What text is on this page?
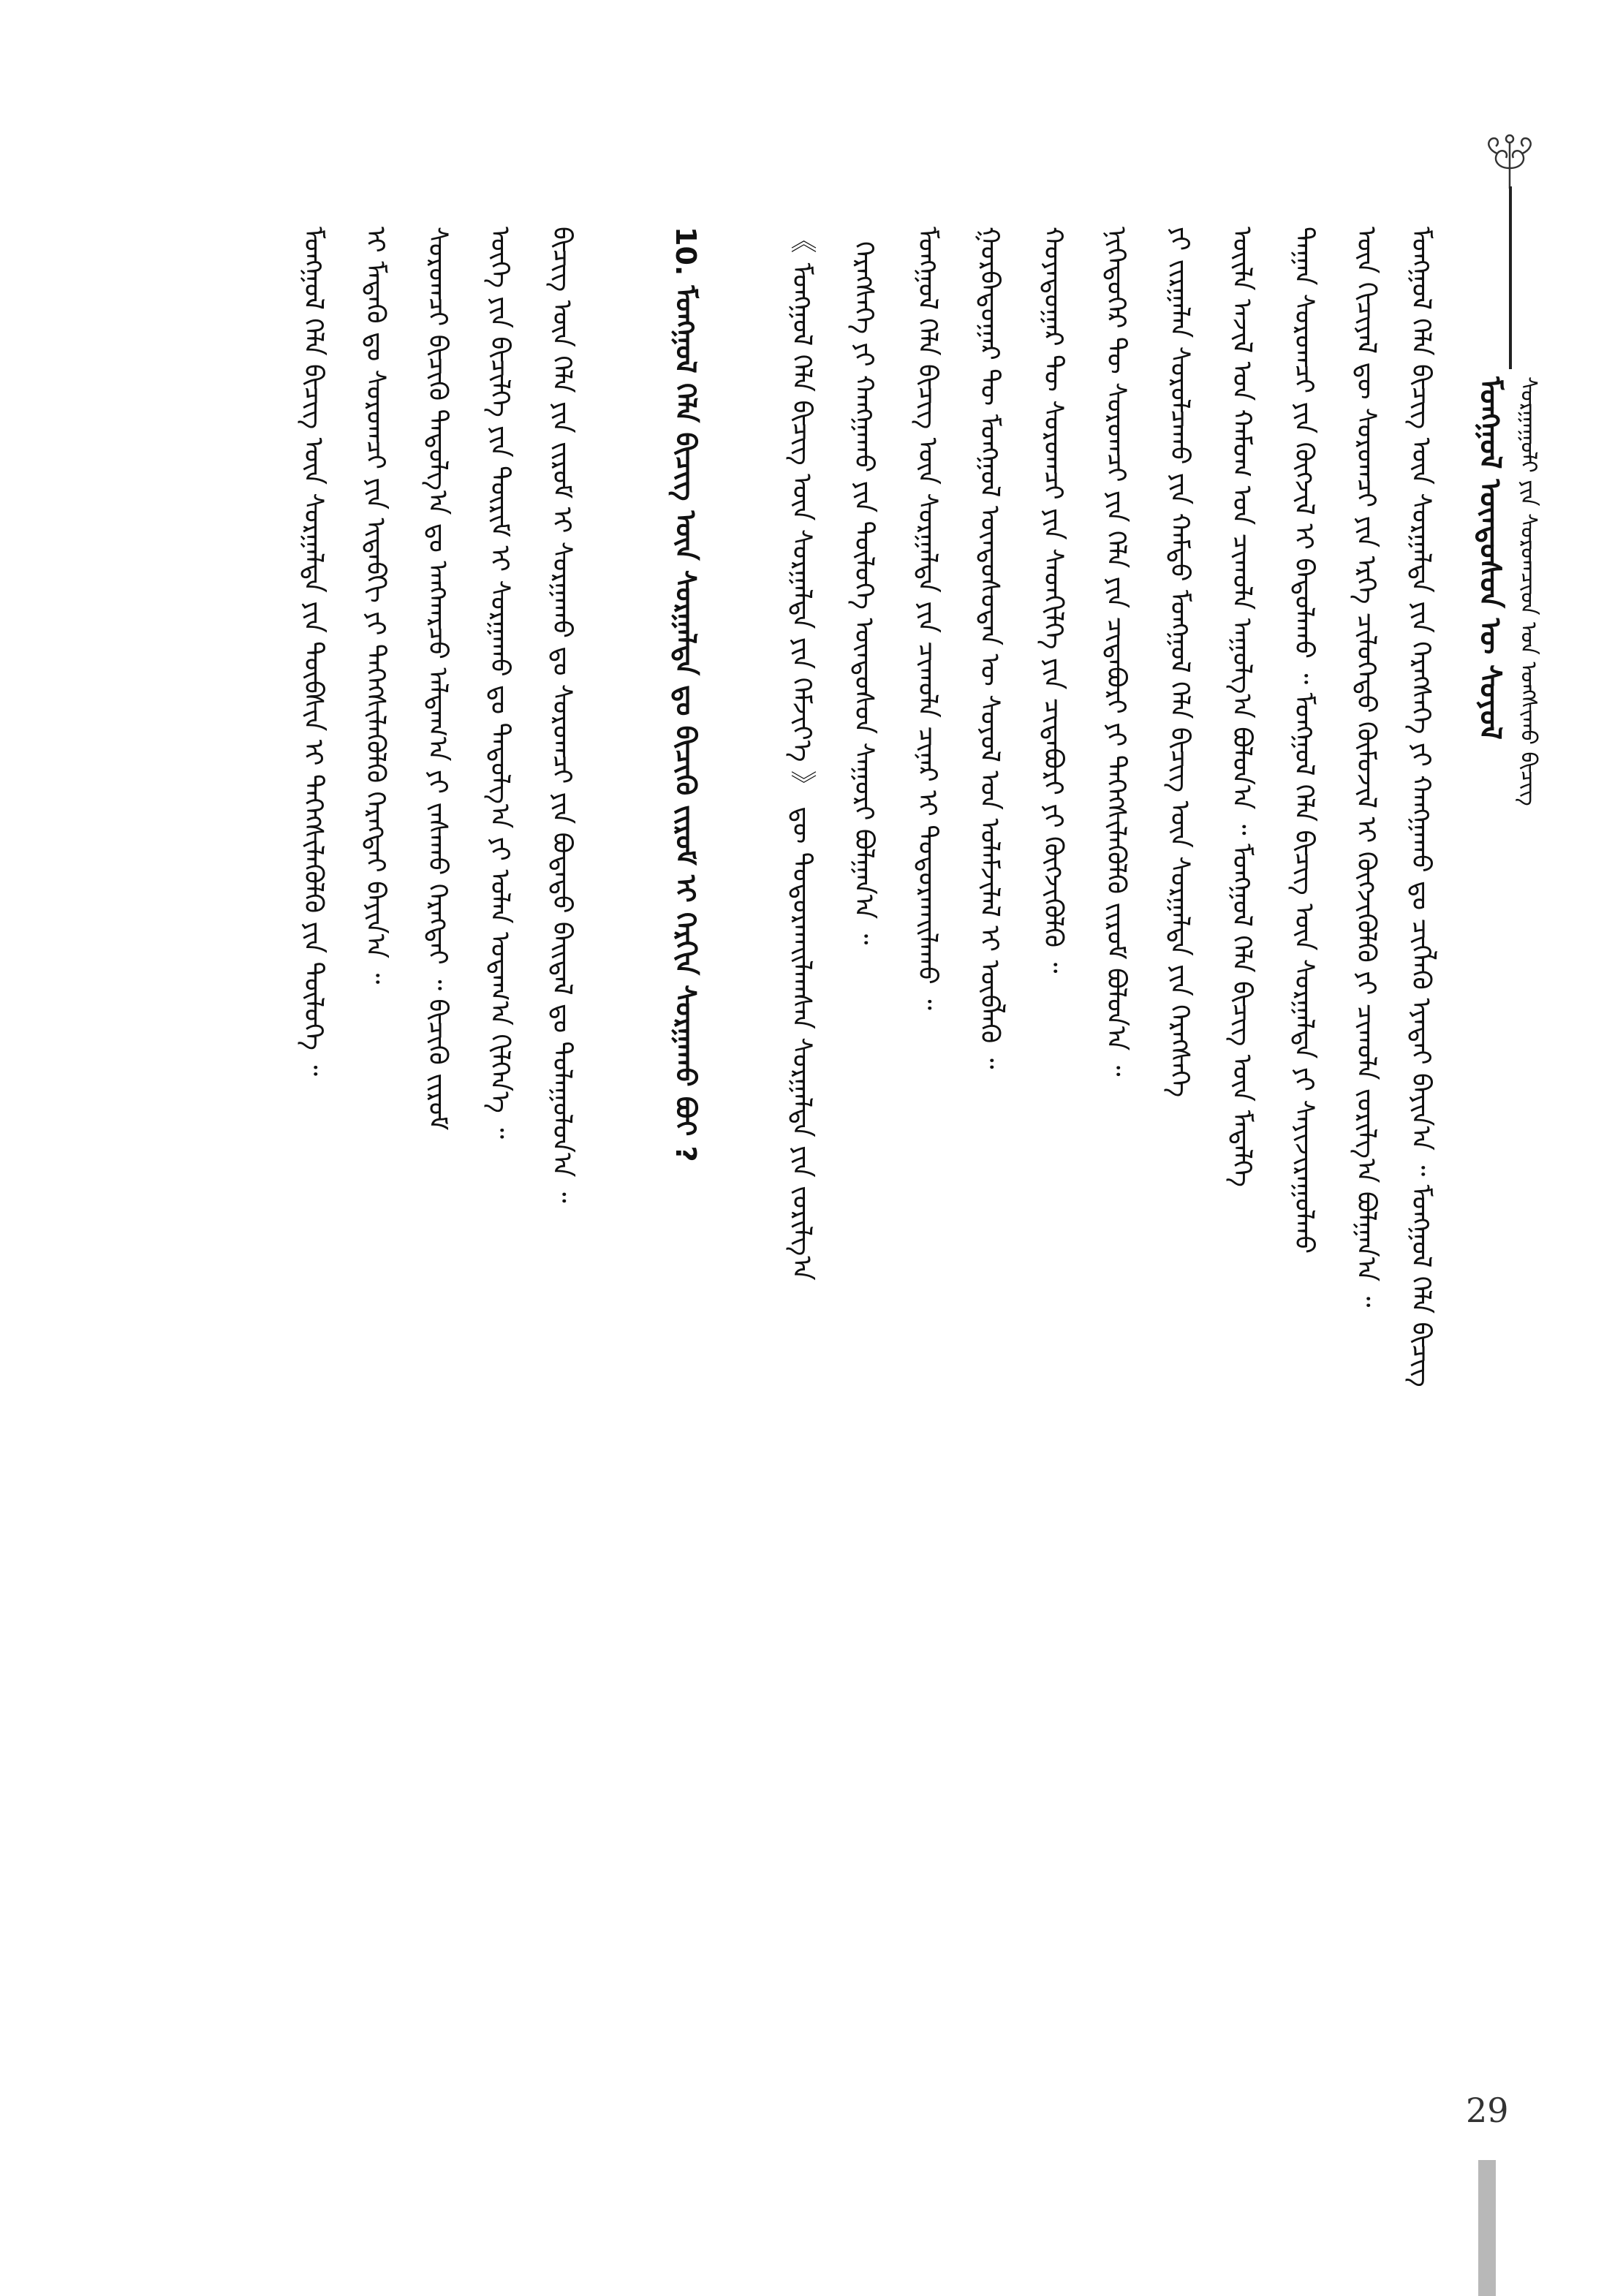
ᠮᠣᠩᠭᠣᠯ ᠦᠨᠳᠦᠰᠦᠨ ᠦ ᠰᠣᠶᠣᠯ ᠰᠤᠷᠭᠠᠭᠤᠯᠢ ᠶᠢᠨ ᠰᠤᠷᠤᠭᠴᠢᠳ ᠤᠨ ᠤᠩᠰᠢᠬᠤ ᠪᠢᠴᠢᠭ
ᠮᠣᠩᠭᠣᠯ ᠬᠡᠯᠡ ᠪᠢᠴᠢᠭ ᠦᠨ ᠰᠤᠷᠭᠠᠯᠲᠠ ᠶᠢᠨ ᠬᠡᠷᠡᠭᠰᠡᠭᠡ ᠶᠢ ᠬᠠᠩᠭᠠᠬᠤ ᠳᠤ ᠴᠢᠭᠯᠡᠬᠦ ᠡᠶᠡᠲᠡᠢ ᠪᠠᠶᠢᠨ᠎ᠠ ᠃ ᠮᠣᠩᠭᠣᠯ ᠬᠡᠯᠡ ᠪᠢᠴᠢᠭ
ᠦᠨ ᠬᠢᠴᠢᠶᠡᠯ ᠳᠦ ᠰᠤᠷᠤᠭᠴᠢ ᠶᠢᠨ ᠡᠷᠬᠡ ᠴᠢᠯᠦᠭᠡᠲᠦ ᠬᠦᠮᠦᠵᠢᠯ ᠢ ᠬᠥᠭᠵᠢᠭᠦᠯᠬᠦ ᠶᠢ ᠴᠢᠬᠤᠯᠠ ᠵᠣᠷᠢᠯᠭ᠎ᠠ ᠪᠣᠯᠭᠠᠨ᠎ᠠ ᠃
ᠳᠠᠭᠠᠨ ᠰᠤᠷᠤᠭᠴᠢ ᠶᠢᠨ ᠬᠥᠭᠵᠢᠯ ᠢ ᠪᠠᠲᠤᠯᠠᠬᠤ ᠃ ᠮᠣᠩᠭᠣᠯ ᠬᠡᠯᠡ ᠪᠢᠴᠢᠭ ᠦᠨ ᠰᠤᠷᠭᠠᠯᠲᠠ ᠶᠢ ᠰᠠᠶᠢᠵᠢᠷᠠᠭᠤᠯᠬᠤ
ᠦᠢᠯᠡ ᠠᠵᠢᠯ ᠤᠨ ᠬᠠᠮᠤᠭ ᠤᠨ ᠴᠢᠬᠤᠯᠠ ᠠᠭᠤᠯᠭ᠎ᠠ ᠪᠣᠯᠤᠨ᠎ᠠ ᠃ ᠮᠣᠩᠭᠣᠯ ᠬᠡᠯᠡ ᠪᠢᠴᠢᠭ ᠦᠨ ᠮᠡᠳᠡᠯᠭᠡ
ᠶᠢ ᠵᠢᠷᠭᠠᠯᠠᠨ ᠰᠤᠷᠤᠯᠴᠠᠬᠤ ᠶᠢᠨ ᠬᠠᠮᠲᠤ ᠮᠣᠩᠭᠣᠯ ᠬᠡᠯᠡ ᠪᠢᠴᠢᠭ ᠦᠨ ᠰᠤᠷᠭᠠᠯᠲᠠ ᠶᠢᠨ ᠬᠡᠷᠡᠭᠰᠡᠭᠡ
ᠨᠢᠭᠡᠳᠦᠭᠡᠷ ᠲᠦ ᠰᠤᠷᠤᠭᠴᠢ ᠶᠢᠨ ᠬᠡᠯᠡ ᠶᠢᠨ ᠴᠢᠳᠠᠪᠤᠷᠢ ᠶᠢ ᠳᠡᠭᠡᠭᠰᠢᠯᠡᠭᠦᠯᠬᠦ ᠵᠢᠷᠤᠮ ᠪᠣᠯᠤᠨ᠎ᠠ ᠃
ᠬᠣᠶᠠᠳᠤᠭᠠᠷ ᠲᠦ ᠰᠤᠷᠤᠭᠴᠢ ᠶᠢᠨ ᠰᠡᠳᠬᠢᠯᠭᠡ ᠶᠢᠨ ᠴᠢᠳᠠᠪᠤᠷᠢ ᠶᠢ ᠬᠥᠭᠵᠢᠭᠦᠯᠬᠦ ᠃
ᠭᠤᠷᠪᠠᠳᠤᠭᠠᠷ ᠲᠦ ᠮᠣᠩᠭᠣᠯ ᠦᠨᠳᠦᠰᠦᠲᠡᠨ ᠦ ᠰᠣᠶᠣᠯ ᠤᠨ ᠤᠯᠠᠮᠵᠢᠯᠠᠯ ᠢ ᠥᠪᠯᠡᠬᠦ ᠃
ᠮᠣᠩᠭᠣᠯ ᠬᠡᠯᠡ ᠪᠢᠴᠢᠭ ᠦᠨ ᠰᠤᠷᠭᠠᠯᠲᠠ ᠶᠢᠨ ᠴᠢᠬᠤᠯᠠ ᠴᠢᠨᠠᠷ ᠢ ᠲᠣᠳᠤᠷᠬᠠᠢᠯᠠᠬᠤ ᠃
ᠬᠡᠷᠡᠭᠰᠡᠭᠡ ᠶᠢ ᠬᠠᠩᠭᠠᠬᠤ ᠶᠢᠨ ᠲᠥᠯᠥᠭᠡ ᠦᠨᠳᠦᠰᠦᠨ ᠰᠠᠭᠤᠷᠢ ᠪᠣᠯᠭᠠᠨ᠎ᠠ ᠃
《 ᠮᠣᠩᠭᠣᠯ ᠬᠡᠯᠡ ᠪᠢᠴᠢᠭ ᠦᠨ ᠰᠤᠷᠭᠠᠯᠲᠠ ᠶᠢᠨ ᠬᠡᠮᠵᠢᠶ᠎ᠡ 》 ᠳᠦ ᠲᠣᠳᠤᠷᠬᠠᠢᠯᠠᠭᠰᠠᠨ ᠰᠤᠷᠭᠠᠯᠲᠠ ᠶᠢᠨ ᠵᠣᠷᠢᠯᠭ᠎ᠠ
10. ᠮᠣᠩᠭᠣᠯ ᠬᠡᠯᠡ ᠪᠢᠴᠢᠭ ᠦᠨ ᠰᠤᠷᠭᠠᠯᠲᠠ ᠳᠤ ᠪᠢᠴᠢᠬᠦ ᠵᠢᠷᠤᠮ ᠢ ᠬᠡᠷᠬᠢᠨ ᠰᠤᠷᠭᠠᠬᠤ ᠪᠤᠢ ?
ᠪᠢᠴᠢᠭ᠌ ᠦᠨ ᠬᠡᠯᠡ ᠶᠢᠨ ᠵᠢᠷᠤᠮ ᠢ ᠰᠤᠷᠭᠠᠬᠤ ᠳᠤ ᠰᠤᠷᠤᠭᠴᠢ ᠶᠢᠨ ᠪᠣᠳᠠᠲᠤ ᠪᠠᠢᠳᠠᠯ ᠳᠤ ᠲᠤᠯᠠᠭᠤᠯᠤᠨ᠎ᠠ ᠃
ᠦᠭᠡ ᠶᠢᠨ ᠪᠢᠴᠢᠯᠭᠡ ᠶᠢᠨ ᠳᠦᠷᠢᠮ ᠢ ᠰᠤᠷᠭᠠᠬᠤ ᠳᠤ ᠳᠠᠳᠤᠯᠭ᠎ᠠ ᠶᠢ ᠣᠯᠠᠨ ᠤᠳᠠᠭ᠎ᠠ ᠬᠢᠯᠭᠡᠨ᠎ᠡ ᠃
ᠰᠤᠷᠤᠭᠴᠢ ᠪᠢᠴᠢᠬᠦ ᠳᠠᠳᠤᠯᠭ᠎ᠠ ᠳᠤ ᠠᠩᠬᠠᠷᠴᠤ ᠠᠯᠳᠠᠭ᠎ᠠ ᠶᠢ ᠵᠠᠰᠠᠬᠤ ᠬᠡᠷᠡᠭᠲᠡᠢ ᠃ ᠪᠢᠴᠢᠬᠦ ᠵᠢᠷᠤᠮ
ᠢ ᠮᠡᠳᠡᠬᠦ ᠳᠤ ᠰᠤᠷᠤᠭᠴᠢ ᠶᠢᠨ ᠢᠳᠡᠪᠬᠢ ᠶᠢ ᠳᠡᠭᠡᠭᠰᠢᠯᠡᠭᠦᠯᠬᠦ ᠬᠡᠷᠡᠭᠲᠡᠢ ᠪᠠᠶᠢᠨ᠎ᠠ ᠃
ᠮᠣᠩᠭᠣᠯ ᠬᠡᠯᠡ ᠪᠢᠴᠢᠭ ᠦᠨ ᠰᠤᠷᠭᠠᠯᠲᠠ ᠶᠢᠨ ᠲᠦᠪᠰᠢᠨ ᠢ ᠳᠡᠭᠡᠭᠰᠢᠯᠡᠭᠦᠯᠬᠦ ᠶᠢᠨ ᠲᠥᠯᠥᠭᠡ ᠃
29
